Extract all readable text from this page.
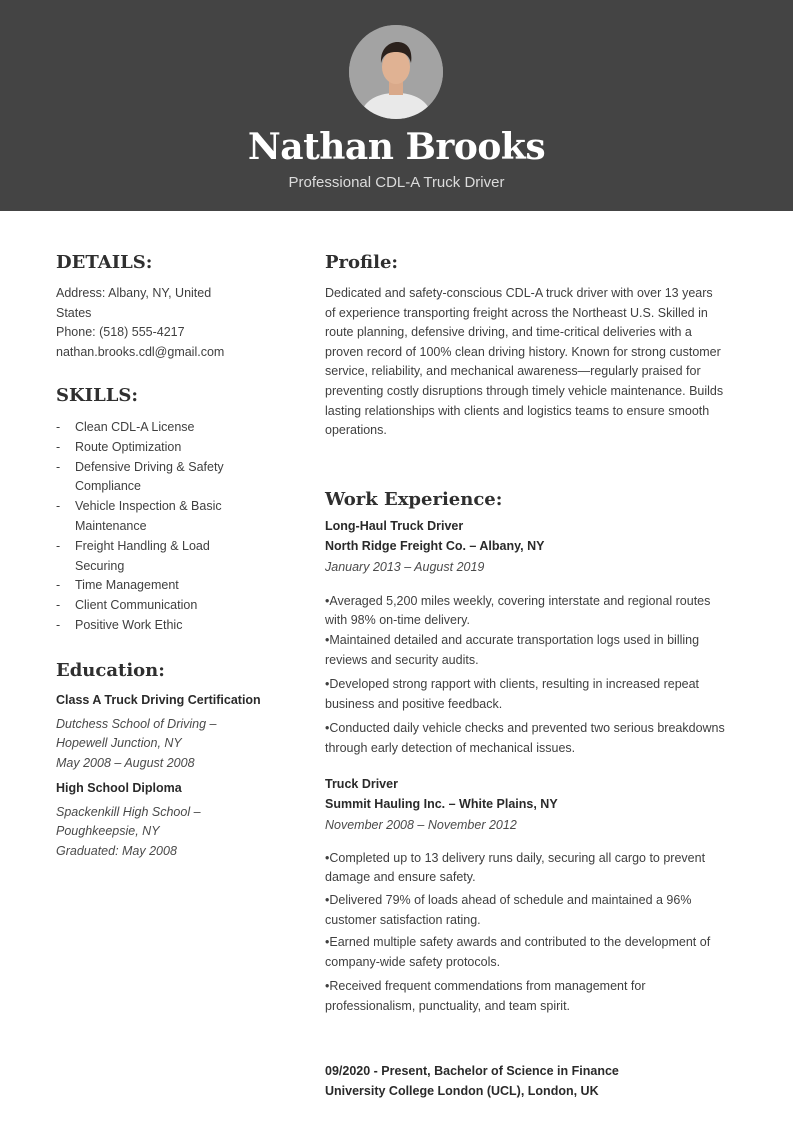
Nathan Brooks
Professional CDL-A Truck Driver
DETAILS:
Address: Albany, NY, United
States
Phone: (518) 555-4217
nathan.brooks.cdl@gmail.com
SKILLS:
- Clean CDL-A License
- Route Optimization
- Defensive Driving & Safety Compliance
- Vehicle Inspection & Basic Maintenance
- Freight Handling & Load Securing
- Time Management
- Client Communication
- Positive Work Ethic
Education:
Class A Truck Driving Certification
Dutchess School of Driving –
Hopewell Junction, NY
May 2008 – August 2008
High School Diploma
Spackenkill High School –
Poughkeepsie, NY
Graduated: May 2008
Profile:
Dedicated and safety-conscious CDL-A truck driver with over 13 years of experience transporting freight across the Northeast U.S. Skilled in route planning, defensive driving, and time-critical deliveries with a proven record of 100% clean driving history. Known for strong customer service, reliability, and mechanical awareness—regularly praised for preventing costly disruptions through timely vehicle maintenance. Builds lasting relationships with clients and logistics teams to ensure smooth operations.
Work Experience:

Long-Haul Truck Driver

North Ridge Freight Co. – Albany, NY

January 2013 – August 2019

•Averaged 5,200 miles weekly, covering interstate and regional routes with 98% on-time delivery.

•Maintained detailed and accurate transportation logs used in billing reviews and security audits.

•Developed strong rapport with clients, resulting in increased repeat business and positive feedback.

•Conducted daily vehicle checks and prevented two serious breakdowns through early detection of mechanical issues.

Truck Driver

Summit Hauling Inc. – White Plains, NY

November 2008 – November 2012

•Completed up to 13 delivery runs daily, securing all cargo to prevent damage and ensure safety.

•Delivered 79% of loads ahead of schedule and maintained a 96% customer satisfaction rating.

•Earned multiple safety awards and contributed to the development of company-wide safety protocols.

•Received frequent commendations from management for professionalism, punctuality, and team spirit.

09/2020 - Present, Bachelor of Science in Finance
University College London (UCL), London, UK
